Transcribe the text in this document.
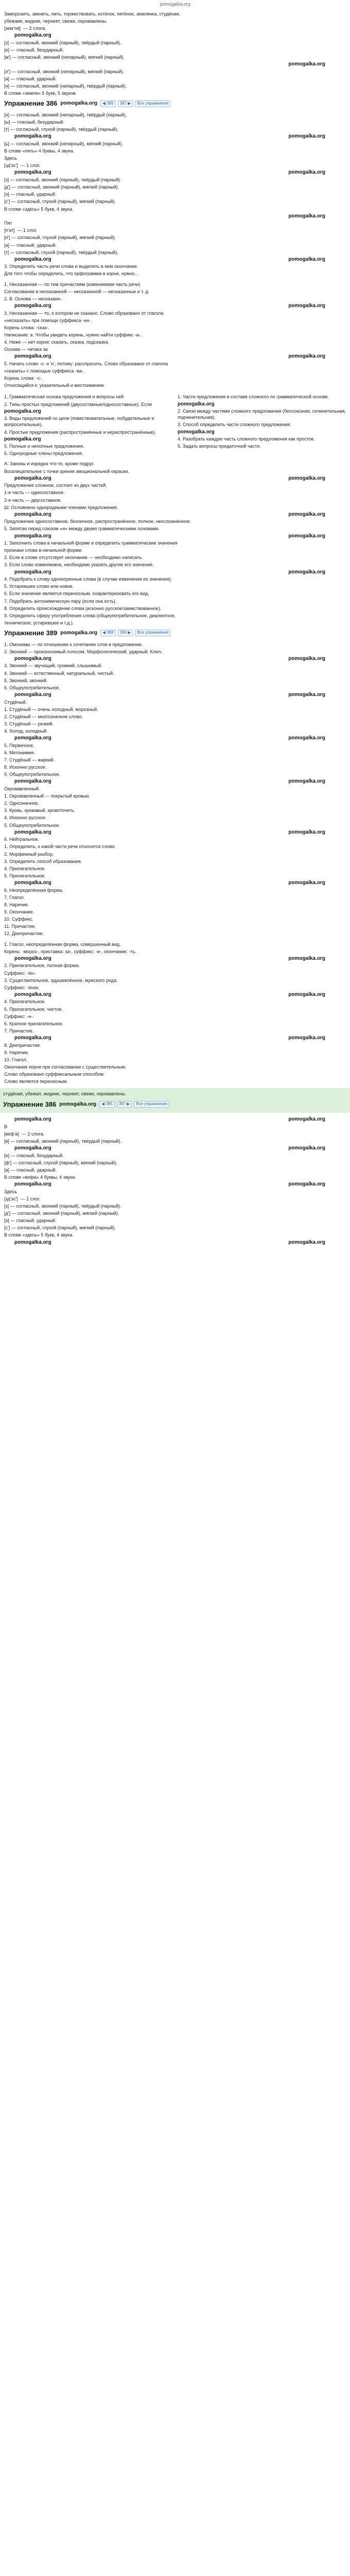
pomogalka.org

Заморозить, звенеть, пить, торжествовать, котёнок, пятёнок, землянка, студёная,

убежавя, жидкие, чернеет, свежи, окровавлены.

[зем'ля]  — 2 слога.

pomogalka.org

[з] — согласный, звонкий (парный), твёрдый (парный).

[е] — гласный, безударный.

[м'] — согласный, звонкий (непарный), мягкий (парный).

pomogalka.org

[л'] — согласный, звонкий (непарный), мягкий (парный).

[а] — гласный, ударный.

[н] — согласный, звонкий (непарный), твёрдый (парный).

В слове «земля» 5 букв, 5 звуков.

Упражнение 386 pomogalka.org	◀ 385	387 ▶	Все упражнения

[н] — согласный, звонкий (непарный), твёрдый (парный).

[ы] — гласный, безударный.

[т] — согласный, глухой (парный), твёрдый (парный).

pomogalka.org	pomogalka.org

[ь] — согласный, звонкий (непарный), мягкий (парный).

В слове «пить» 4 буквы, 4 звука.

Здесь

[зд'эс']  — 1 слог.

pomogalka.org	pomogalka.org

[з] — согласный, звонкий (парный), твёрдый (парный).

[д'] — согласный, звонкий (парный), мягкий (парный).

[э] — гласный, ударный.

[с'] — согласный, глухой (парный), мягкий (парный).

В слове «здесь» 5 букв, 4 звука.

pomogalka.org

Пят

[п'ат]  — 1 слог.

[п'] — согласный, глухой (парный), мягкий (парный).

[а] — гласный, ударный.

[т] — согласный, глухой (парный), твёрдый (парный).

pomogalka.org	pomogalka.org

3. Определить часть речи слова и выделить в нем окончание.

Для того чтобы определить, что орфограмма в корне, нужно...

1. Несказанная — по тем причастиям (изменяемая часть речи)

Согласование в несказанной — несказанной — несказанные и т. д.

2. В. Основа — несказанн-.

pomogalka.org	pomogalka.org

3. Несказанная — то, о котором не сказано. Слово образовано от глагола

«несказать» при помощи суффикса -нн-.

Корень слова: -сказ-.

Написание: в. Чтобы увидеть корень, нужно найти суффикс -а-.

4. Ниже — нет корня: сказать, сказка, подсказка.

Основа — чатака за

pomogalka.org	pomogalka.org

5. Начать слово -с- и 'н', потому: расспросить. Слово образовано от глагола

«сказать» с помощью суффикса -ва-.

Корень слова: -с-.

Относящийся к: указательный и местоимению

1. Грамматическая основа предложения и вопросы ней

2. Типы простых предложений (двусоставные/односоставные). Если

pomogalka.org

3. Виды предложений по цели (повествовательные, побудительные и вопросительные).

4. Простые предложения (распространённые и нераспространённые).

pomogalka.org

5. Полные и неполные предложения.

6. Однородные члены предложения.

1. Части предложения в составе сложного по грамматической основе.

pomogalka.org

2. Связи между частями сложного предложения (бессоюзная, сочинительная, подчинительная).

3. Способ определить части сложного предложения.

pomogalka.org

4. Разобрать каждую часть сложного предложения как простое.

5. Задать вопросы придаточной части.

А: Законы и изредка что-то, кроме подруг.

Восклицательное с точки зрения эмоциональной окраски.

pomogalka.org	pomogalka.org

Предложение сложное, состоит из двух частей.

1-я часть — односоставное.

2-я часть — двусоставное.

Ш: Осложнено однородными членами предложения.

pomogalka.org	pomogalka.org

Предложение односоставное, безличное, распространённое, полное, неосложнённое.

5. Запятая перед союзом «и» между двумя грамматическими основами.

pomogalka.org	pomogalka.org

1. Заполнить слова в начальной форме и определить грамматические значения

признаки слова в начальной форме.

2. Если в слове отсутствует окончание — необходимо написать.

3. Если слово изменяемое, необходимо указать другие его значения.

pomogalka.org	pomogalka.org

4. Подобрать к слову однокоренные слова (в случае изменения их значения).

5. Устаревшее слово или новое.

6. Если значение является переносным, охарактеризовать его вид.

7. Подобрать антонимическую пару (если она есть).

8. Определить происхождение слова (исконно русское/заимствованное).

9. Определить сферу употребления слова (общеупотребительное, диалектное,

техническое, устаревшее и т.д.).

Упражнение 389 pomogalka.org	◀ 388	390 ▶	Все упражнения

1. Омонимы — по отношению к сочетанию слов в предложении.

2. Звонкий — произносимый голосом. Морфологический, ударный. Ключ.

pomogalka.org	pomogalka.org

3. Звонкий — звучащий, громкий, слышимый.

4. Звонкий — естественный, натуральный, чистый.

5. Звонкий, звонкий.

6. Общеупотребительное.

pomogalka.org	pomogalka.org

Студёный.

1. Студёный — очень холодный, морозный.

2. Студёный — многозначное слово.

3. Студёный — резкий.

4. Холод, холодный.

pomogalka.org	pomogalka.org

5. Первичное.

6. Метонимия.

7. Студёный — жаркий.

8. Исконно русское.

9. Общеупотребительное.

pomogalka.org	pomogalka.org

Окровавленный.

1. Окровавленный — покрытый кровью.

2. Однозначное.

3. Кровь, кровавый, кровоточить.

4. Исконно русское.

5. Общеупотребительное.

pomogalka.org	pomogalka.org

6. Нейтральное.

1. Определить, к какой части речи относится слово.

2. Морфемный разбор.

3. Определить способ образования.

4. Прилагательное.

5. Прилагательное.

pomogalka.org	pomogalka.org

6. Неопределённая форма.

7. Глагол.

8. Наречие.

9. Окончание.

10. Суффикс.

11. Причастие.

12. Деепричастие.

1. Глагол, неопределённая форма, совершенный вид.

Корень: -мороз-, приставка: за-, суффикс: -и-, окончание: -ть.

pomogalka.org	pomogalka.org

2. Прилагательное, полная форма.

Суффикс: -ён-.

3. Существительное, одушевлённое, мужского рода.

Суффикс: -ёнок.

pomogalka.org	pomogalka.org

4. Прилагательное.

5. Прилагательное, чистое.

Суффикс: -н-.

6. Краткое прилагательное.

7. Причастие.

pomogalka.org	pomogalka.org

8. Деепричастие.

9. Наречие.

10. Глагол.

Окончание корня при согласовании с существительным.

Слово образовано суффиксальным способом.

Слово является переносным.

студёная, убежал, жидкие, чернеет, свежи, окровавлены.

Упражнение 386 pomogalka.org	◀ 385	387 ▶	Все упражнения
pomogalka.org	pomogalka.org

В

[веф'а]  — 2 слога.

[в] — согласный, звонкий (парный), твёрдый (парный).

pomogalka.org	pomogalka.org

[е] — гласный, безударный.

[ф'] — согласный, глухой (парный), мягкий (парный).

[а] — гласный, ударный.

В слове «вефа» 4 буквы, 4 звука.

pomogalka.org	pomogalka.org

Здесь

[зд'эс']  — 1 слог.

[з] — согласный, звонкий (парный), твёрдый (парный).

[д'] — согласный, звонкий (парный), мягкий (парный).

[э] — гласный, ударный.

[с'] — согласный, глухой (парный), мягкий (парный).

В слове «здесь» 5 букв, 4 звука.

pomogalka.org	pomogalka.org
